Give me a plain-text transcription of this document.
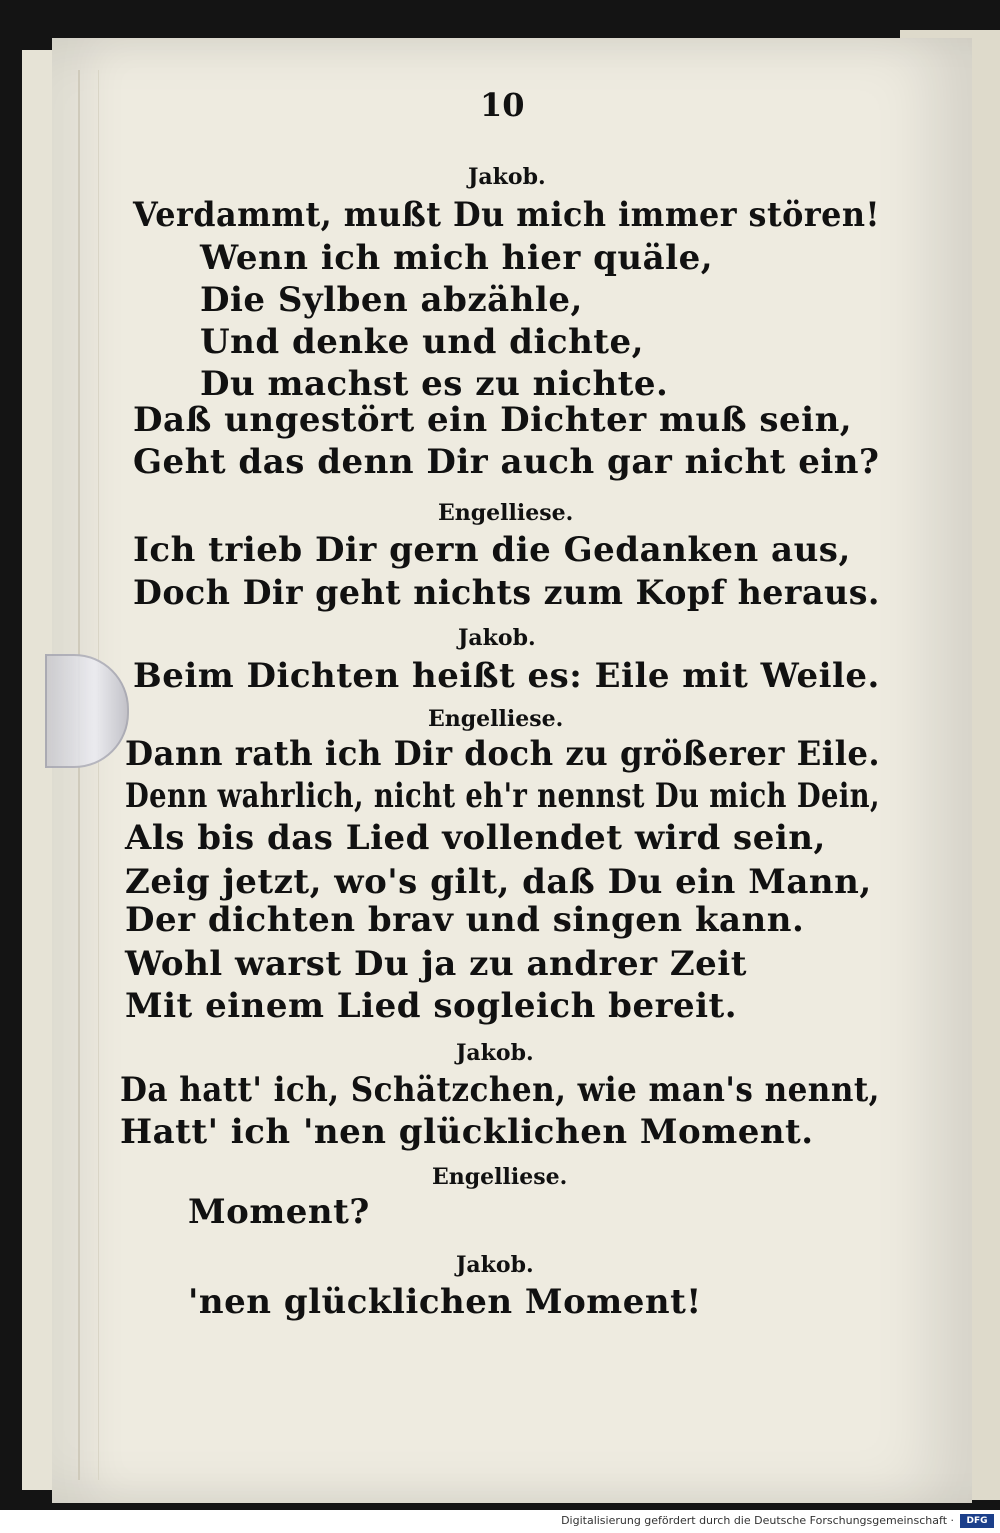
10
Jakob.
Verdammt, mußt Du mich immer stören!
Wenn ich mich hier quäle,
Die Sylben abzähle,
Und denke und dichte,
Du machst es zu nichte.
Daß ungestört ein Dichter muß sein,
Geht das denn Dir auch gar nicht ein?
Engelliese.
Ich trieb Dir gern die Gedanken aus,
Doch Dir geht nichts zum Kopf heraus.
Jakob.
Beim Dichten heißt es: Eile mit Weile.
Engelliese.
Dann rath ich Dir doch zu größerer Eile.
Denn wahrlich, nicht eh'r nennst Du mich Dein,
Als bis das Lied vollendet wird sein,
Zeig jetzt, wo's gilt, daß Du ein Mann,
Der dichten brav und singen kann.
Wohl warst Du ja zu andrer Zeit
Mit einem Lied sogleich bereit.
Jakob.
Da hatt' ich, Schätzchen, wie man's nennt,
Hatt' ich 'nen glücklichen Moment.
Engelliese.
Moment?
Jakob.
'nen glücklichen Moment!
Digitalisierung gefördert durch die Deutsche Forschungsgemeinschaft ·	DFG
